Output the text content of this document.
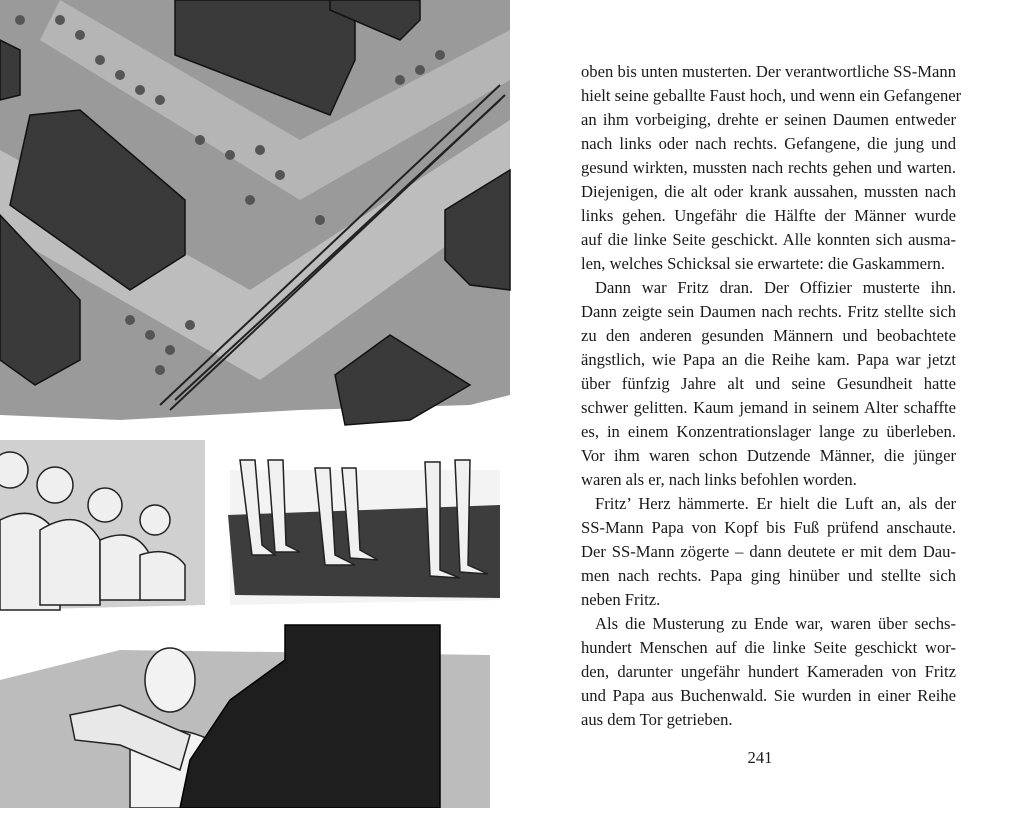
oben bis unten musterten. Der verantwortliche SS-Mann
hielt seine geballte Faust hoch, und wenn ein Gefangener
an ihm vorbeiging, drehte er seinen Daumen entweder
nach links oder nach rechts. Gefangene, die jung und
gesund wirkten, mussten nach rechts gehen und warten.
Diejenigen, die alt oder krank aussahen, mussten nach
links gehen. Ungefähr die Hälfte der Männer wurde
auf die linke Seite geschickt. Alle konnten sich ausma-
len, welches Schicksal sie erwartete: die Gaskammern.
Dann war Fritz dran. Der Offizier musterte ihn.
Dann zeigte sein Daumen nach rechts. Fritz stellte sich
zu den anderen gesunden Männern und beobachtete
ängstlich, wie Papa an die Reihe kam. Papa war jetzt
über fünfzig Jahre alt und seine Gesundheit hatte
schwer gelitten. Kaum jemand in seinem Alter schaffte
es, in einem Konzentrationslager lange zu überleben.
Vor ihm waren schon Dutzende Männer, die jünger
waren als er, nach links befohlen worden.
Fritz’ Herz hämmerte. Er hielt die Luft an, als der
SS-Mann Papa von Kopf bis Fuß prüfend anschaute.
Der SS-Mann zögerte – dann deutete er mit dem Dau-
men nach rechts. Papa ging hinüber und stellte sich
neben Fritz.
Als die Musterung zu Ende war, waren über sechs-
hundert Menschen auf die linke Seite geschickt wor-
den, darunter ungefähr hundert Kameraden von Fritz
und Papa aus Buchenwald. Sie wurden in einer Reihe
aus dem Tor getrieben.
241
